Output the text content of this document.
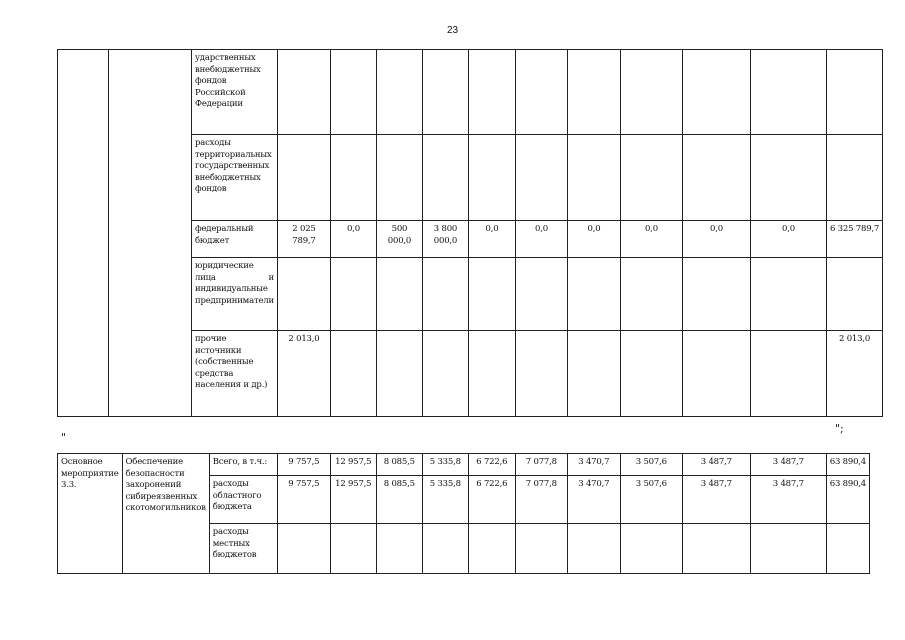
23
		ударственных внебюджетных фондов Российской Федерации											
		расходы территориальных государственных внебюджетных фондов											
		федеральный бюджет	2 025 789,7	0,0	500 000,0	3 800 000,0	0,0	0,0	0,0	0,0	0,0	0,0	6 325 789,7
		юридические лица и индивидуальные предприниматели											
		прочие источники (собственные средства населения и др.)	2 013,0										2 013,0
";
"
Основное мероприятие 3.3.	Обеспечение безопасности захоронений сибиреязвенных скотомогильников	Всего, в т.ч.:	9 757,5	12 957,5	8 085,5	5 335,8	6 722,6	7 077,8	3 470,7	3 507,6	3 487,7	3 487,7	63 890,4
		расходы областного бюджета	9 757,5	12 957,5	8 085,5	5 335,8	6 722,6	7 077,8	3 470,7	3 507,6	3 487,7	3 487,7	63 890,4
		расходы местных бюджетов											
